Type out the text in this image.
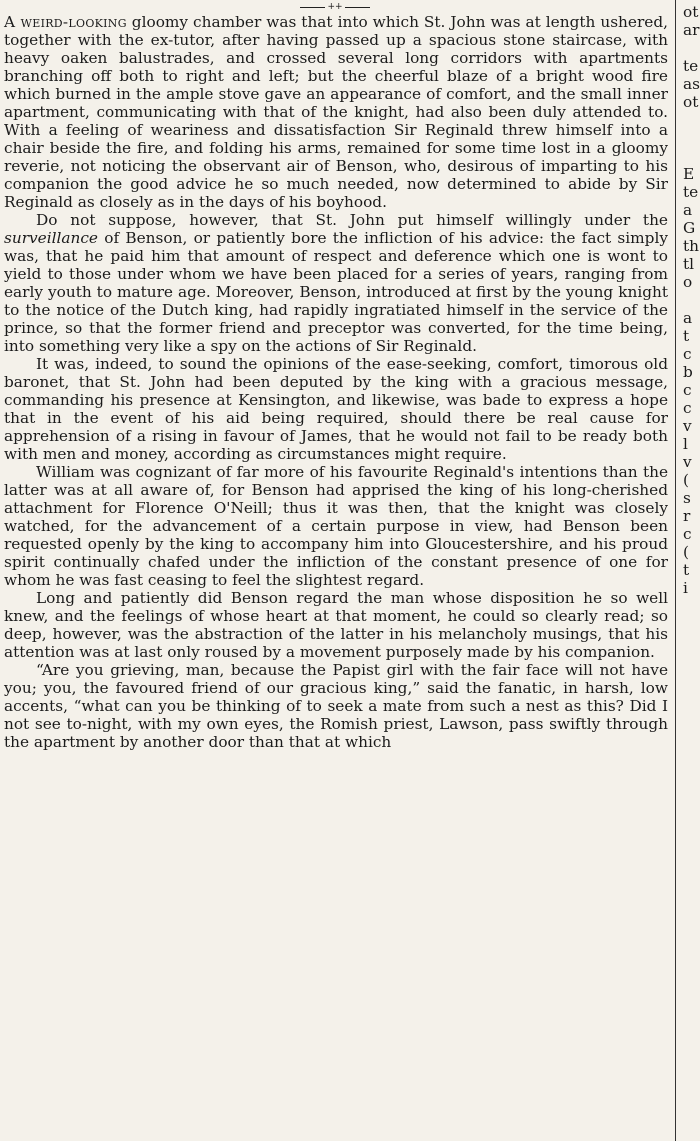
++

A weird-looking gloomy chamber was that into which St. John was at length ushered, together with the ex-tutor, after having passed up a spacious stone staircase, with heavy oaken balustrades, and crossed several long corridors with apartments branching off both to right and left; but the cheerful blaze of a bright wood fire which burned in the ample stove gave an appearance of comfort, and the small inner apartment, communicating with that of the knight, had also been duly attended to. With a feeling of weariness and dissatisfaction Sir Reginald threw himself into a chair beside the fire, and folding his arms, remained for some time lost in a gloomy reverie, not noticing the observant air of Benson, who, desirous of imparting to his companion the good advice he so much needed, now determined to abide by Sir Reginald as closely as in the days of his boyhood.

Do not suppose, however, that St. John put himself willingly under the surveillance of Benson, or patiently bore the infliction of his advice: the fact simply was, that he paid him that amount of respect and deference which one is wont to yield to those under whom we have been placed for a series of years, ranging from early youth to mature age. Moreover, Benson, introduced at first by the young knight to the notice of the Dutch king, had rapidly ingratiated himself in the service of the prince, so that the former friend and preceptor was converted, for the time being, into something very like a spy on the actions of Sir Reginald.

It was, indeed, to sound the opinions of the ease-seeking, comfort, timorous old baronet, that St. John had been deputed by the king with a gracious message, commanding his presence at Kensington, and likewise, was bade to express a hope that in the event of his aid being required, should there be real cause for apprehension of a rising in favour of James, that he would not fail to be ready both with men and money, according as circumstances might require.

William was cognizant of far more of his favourite Reginald's intentions than the latter was at all aware of, for Benson had apprised the king of his long-cherished attachment for Florence O'Neill; thus it was then, that the knight was closely watched, for the advancement of a certain purpose in view, had Benson been requested openly by the king to accompany him into Gloucestershire, and his proud spirit continually chafed under the infliction of the constant presence of one for whom he was fast ceasing to feel the slightest regard.

Long and patiently did Benson regard the man whose disposition he so well knew, and the feelings of whose heart at that moment, he could so clearly read; so deep, however, was the abstraction of the latter in his melancholy musings, that his attention was at last only roused by a movement purposely made by his companion.

“Are you grieving, man, because the Papist girl with the fair face will not have you; you, the favoured friend of our gracious king,” said the fanatic, in harsh, low accents, “what can you be thinking of to seek a mate from such a nest as this? Did I not see to-night, with my own eyes, the Romish priest, Lawson, pass swiftly through the apartment by another door than that at which

ot
ar
te
as
ot
E
te
a
G
th
tl
o
a
t
c
b
c
c
v
l
v
(
s
r
c
(
t
i
